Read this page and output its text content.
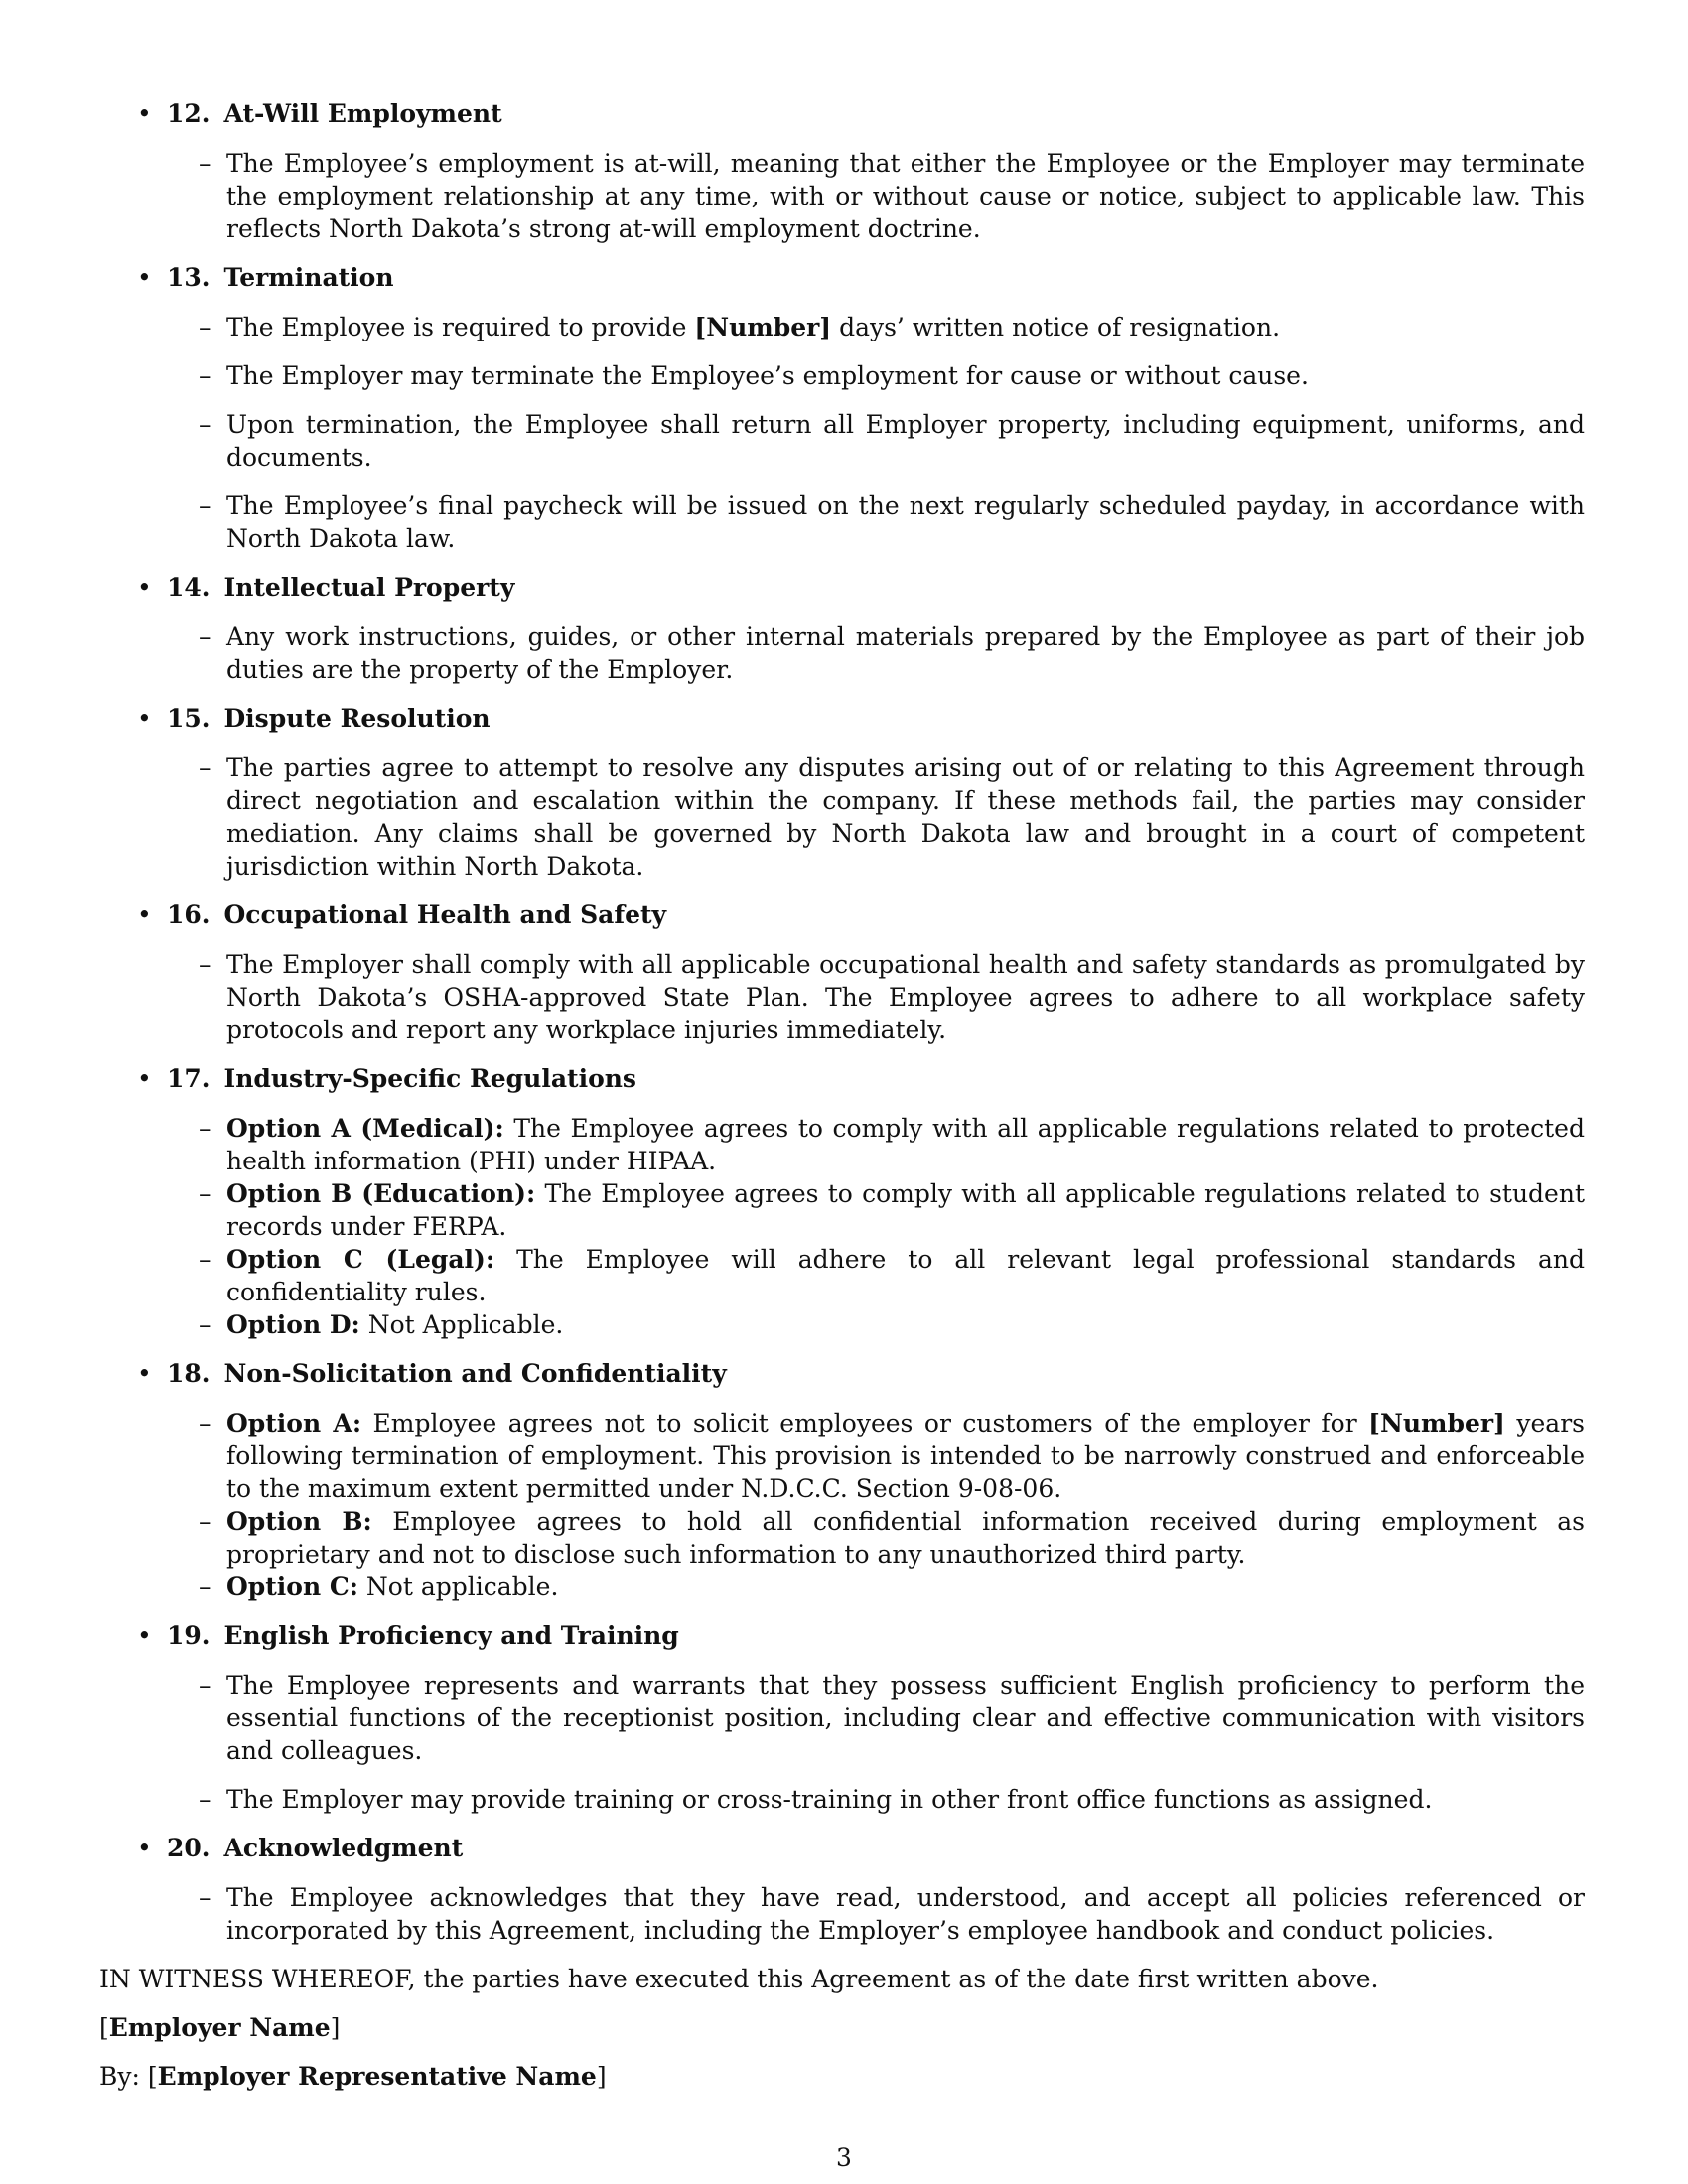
• 12. At-Will Employment
– The Employee’s employment is at-will, meaning that either the Employee or the Employer may terminate the employment relationship at any time, with or without cause or notice, subject to applicable law. This reflects North Dakota’s strong at-will employment doctrine.
• 13. Termination
– The Employee is required to provide [Number] days’ written notice of resignation.
– The Employer may terminate the Employee’s employment for cause or without cause.
– Upon termination, the Employee shall return all Employer property, including equipment, uniforms, and documents.
– The Employee’s final paycheck will be issued on the next regularly scheduled payday, in accordance with North Dakota law.
• 14. Intellectual Property
– Any work instructions, guides, or other internal materials prepared by the Employee as part of their job duties are the property of the Employer.
• 15. Dispute Resolution
– The parties agree to attempt to resolve any disputes arising out of or relating to this Agreement through direct negotiation and escalation within the company. If these methods fail, the parties may consider mediation. Any claims shall be governed by North Dakota law and brought in a court of competent jurisdiction within North Dakota.
• 16. Occupational Health and Safety
– The Employer shall comply with all applicable occupational health and safety standards as promulgated by North Dakota’s OSHA-approved State Plan. The Employee agrees to adhere to all workplace safety protocols and report any workplace injuries immediately.
• 17. Industry-Specific Regulations
– Option A (Medical): The Employee agrees to comply with all applicable regulations related to protected health information (PHI) under HIPAA.
– Option B (Education): The Employee agrees to comply with all applicable regulations related to student records under FERPA.
– Option C (Legal): The Employee will adhere to all relevant legal professional standards and confidentiality rules.
– Option D: Not Applicable.
• 18. Non-Solicitation and Confidentiality
– Option A: Employee agrees not to solicit employees or customers of the employer for [Number] years following termination of employment. This provision is intended to be narrowly construed and enforceable to the maximum extent permitted under N.D.C.C. Section 9-08-06.
– Option B: Employee agrees to hold all confidential information received during employment as proprietary and not to disclose such information to any unauthorized third party.
– Option C: Not applicable.
• 19. English Proficiency and Training
– The Employee represents and warrants that they possess sufficient English proficiency to perform the essential functions of the receptionist position, including clear and effective communication with visitors and colleagues.
– The Employer may provide training or cross-training in other front office functions as assigned.
• 20. Acknowledgment
– The Employee acknowledges that they have read, understood, and accept all policies referenced or incorporated by this Agreement, including the Employer’s employee handbook and conduct policies.
IN WITNESS WHEREOF, the parties have executed this Agreement as of the date first written above.
[Employer Name]
By: [Employer Representative Name]
3
